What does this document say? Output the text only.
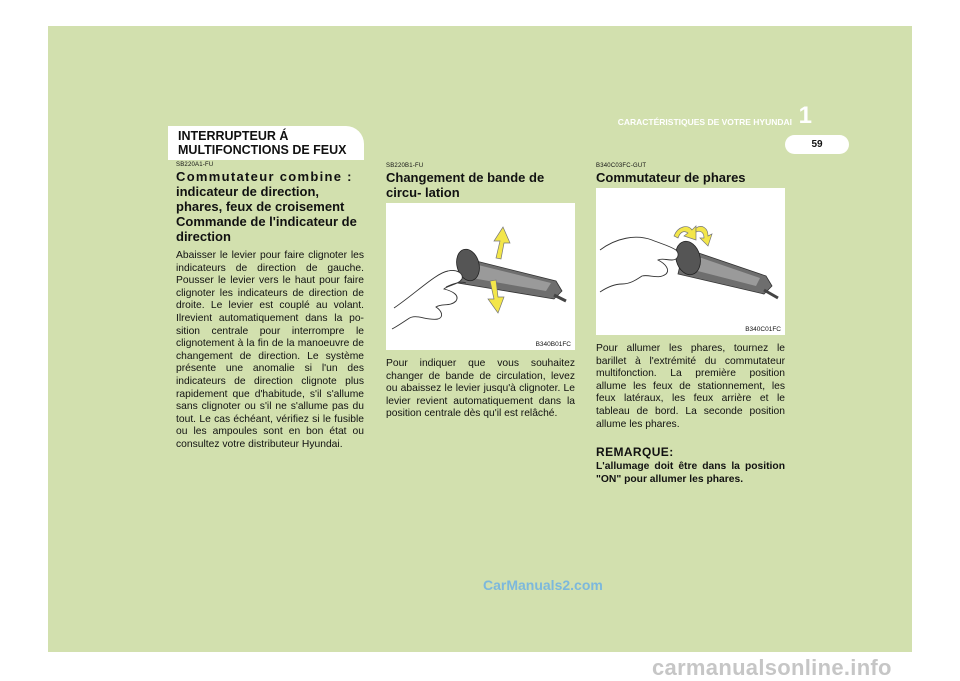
1
CARACTÉRISTIQUES DE VOTRE HYUNDAI
59
INTERRUPTEUR Á
MULTIFONCTIONS DE FEUX
SB220A1-FU
Commutateur combine :
indicateur de direction, phares, feux de croisement Commande de l'indicateur de direction

Abaisser le levier pour faire clignoter les indicateurs de direction de gauche. Pousser le levier vers le haut pour faire clignoter les indicateurs de direction de droite. Le levier est couplé au volant. Ilrevient automatiquement dans la po- sition centrale pour interrompre le clignotement à la fin de la manoeuvre de changement de direction. Le système présente une anomalie si l'un des indicateurs de direction clignote plus rapidement que d'habitude, s'il s'allume sans clignoter ou s'il ne s'allume pas du tout. Le cas échéant, vérifiez si le fusible ou les ampoules sont en bon état ou consultez votre distributeur Hyundai.

SB220B1-FU
Changement de bande de circu- lation
B340B01FC

Pour indiquer que vous souhaitez changer de bande de circulation, levez ou abaissez le levier jusqu'à clignoter. Le levier revient automatiquement dans la position centrale dès qu'il est relâché.

B340C03FC-GUT
Commutateur de phares
B340C01FC

Pour allumer les phares, tournez le barillet à l'extrémité du commutateur multifonction. La première position allume les feux de stationnement, les feux latéraux, les feux arrière et le tableau de bord. La seconde position allume les phares.

REMARQUE:

L'allumage doit être dans la position "ON" pour allumer les phares.

CarManuals2.com
carmanualsonline.info
